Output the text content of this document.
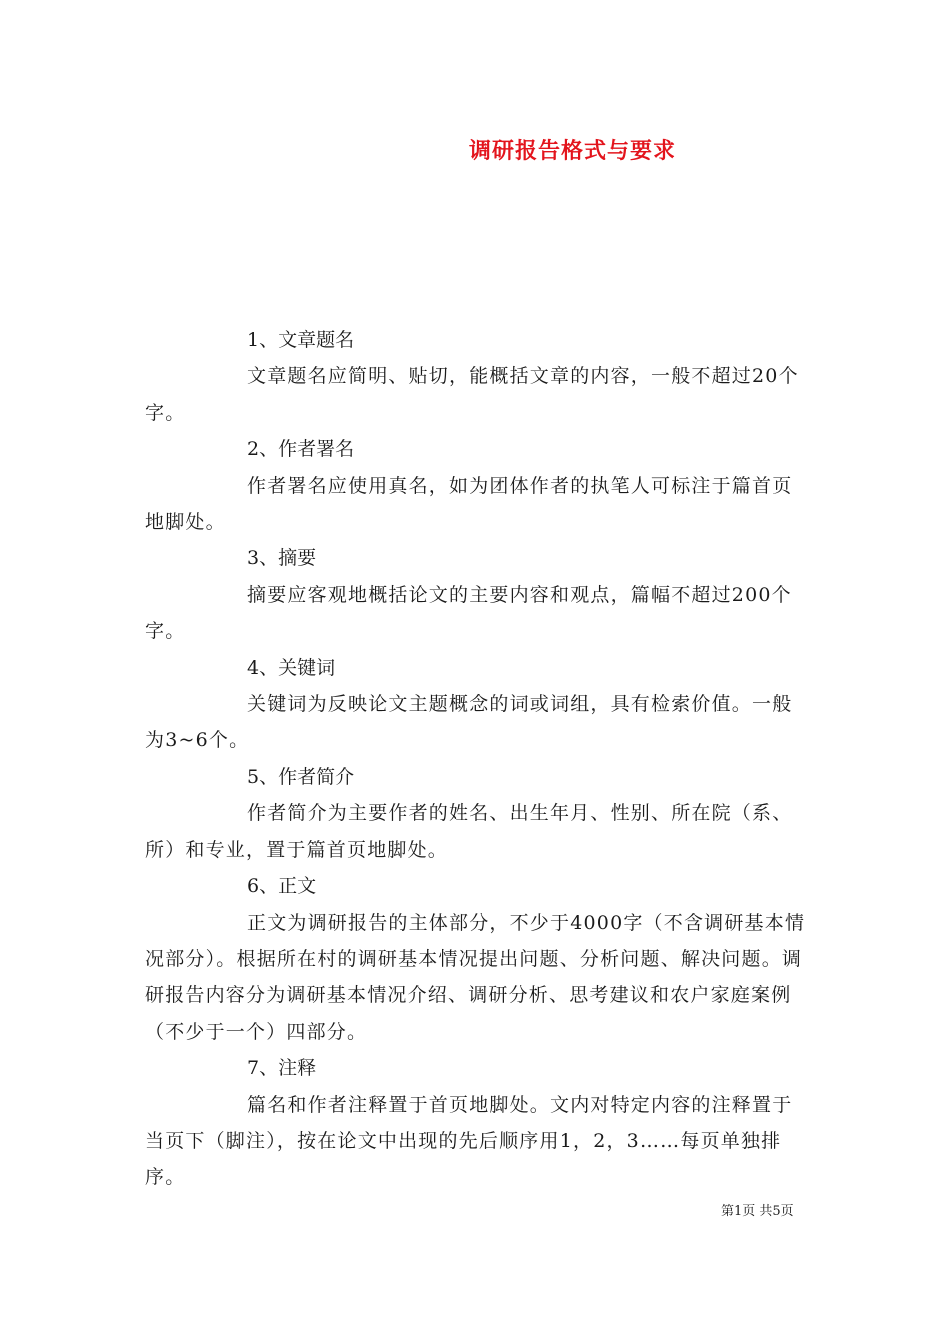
调研报告格式与要求
1、文章题名
文章题名应简明、贴切，能概括文章的内容，一般不超过20个字。
2、作者署名
作者署名应使用真名，如为团体作者的执笔人可标注于篇首页地脚处。
3、摘要
摘要应客观地概括论文的主要内容和观点，篇幅不超过200个字。
4、关键词
关键词为反映论文主题概念的词或词组，具有检索价值。一般为3~6个。
5、作者简介
作者简介为主要作者的姓名、出生年月、性别、所在院（系、所）和专业，置于篇首页地脚处。
6、正文
正文为调研报告的主体部分，不少于4000字（不含调研基本情况部分）。根据所在村的调研基本情况提出问题、分析问题、解决问题。调研报告内容分为调研基本情况介绍、调研分析、思考建议和农户家庭案例（不少于一个）四部分。
7、注释
篇名和作者注释置于首页地脚处。文内对特定内容的注释置于当页下（脚注），按在论文中出现的先后顺序用1，2，3……每页单独排序。
第1页 共5页
